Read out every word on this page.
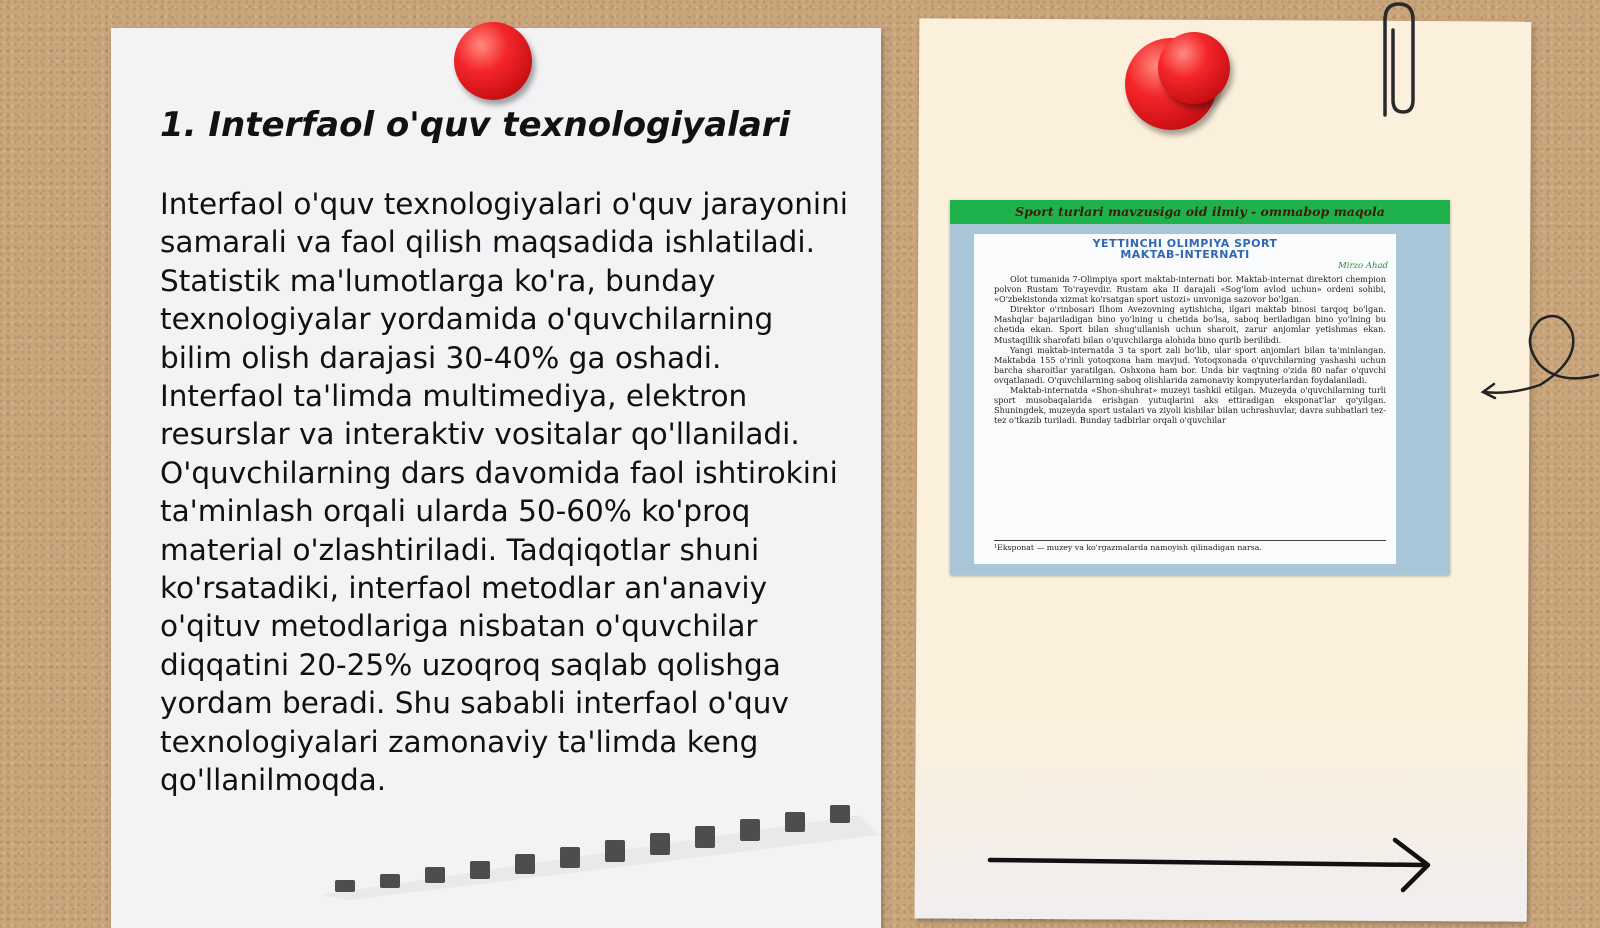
1. Interfaol o'quv texnologiyalari

Interfaol o'quv texnologiyalari o'quv jarayonini samarali va faol qilish maqsadida ishlatiladi. Statistik ma'lumotlarga ko'ra, bunday texnologiyalar yordamida o'quvchilarning bilim olish darajasi 30-40% ga oshadi. Interfaol ta'limda multimediya, elektron resurslar va interaktiv vositalar qo'llaniladi. O'quvchilarning dars davomida faol ishtirokini ta'minlash orqali ularda 50-60% ko'proq material o'zlashtiriladi. Tadqiqotlar shuni ko'rsatadiki, interfaol metodlar an'anaviy o'qituv metodlariga nisbatan o'quvchilar diqqatini 20-25% uzoqroq saqlab qolishga yordam beradi. Shu sababli interfaol o'quv texnologiyalari zamonaviy ta'limda keng qo'llanilmoqda.

Sport turlari mavzusiga oid ilmiy - ommabop maqola
YETTINCHI OLIMPIYA SPORT
MAKTAB-INTERNATI
Mirzo Ahad

Olot tumanida 7-Olimpiya sport maktab-internati bor. Maktab-internat direktori chempion polvon Rustam To'rayevdir. Rustam aka II darajali «Sog'lom avlod uchun» ordeni sohibi, «O'zbekistonda xizmat ko'rsatgan sport ustozi» unvoniga sazovor bo'lgan.

Direktor o'rinbosari Ilhom Avezovning aytishicha, ilgari maktab binosi tarqoq bo'lgan. Mashqlar bajariladigan bino yo'lning u chetida bo'lsa, saboq beriladigan bino yo'lning bu chetida ekan. Sport bilan shug'ullanish uchun sharoit, zarur anjomlar yetishmas ekan. Mustaqillik sharofati bilan o'quvchilarga alohida bino qurib berilibdi.

Yangi maktab-internatda 3 ta sport zali bo'lib, ular sport anjomlari bilan ta'minlangan. Maktabda 155 o'rinli yotoqxona ham mavjud. Yotoqxonada o'quvchilarning yashashi uchun barcha sharoitlar yaratilgan. Oshxona ham bor. Unda bir vaqtning o'zida 80 nafar o'quvchi ovqatlanadi. O'quvchilarning saboq olishlarida zamonaviy kompyuterlardan foydalaniladi.

Maktab-internatda «Shon-shuhrat» muzeyi tashkil etilgan. Muzeyda o'quvchilarning turli sport musobaqalarida erishgan yutuqlarini aks ettiradigan eksponat'lar qo'yilgan. Shuningdek, muzeyda sport ustalari va ziyoli kishilar bilan uchrashuvlar, davra suhbatlari tez-tez o'tkazib turiladi. Bunday tadbirlar orqali o'quvchilar

¹Eksponat — muzey va ko'rgazmalarda namoyish qilinadigan narsa.
